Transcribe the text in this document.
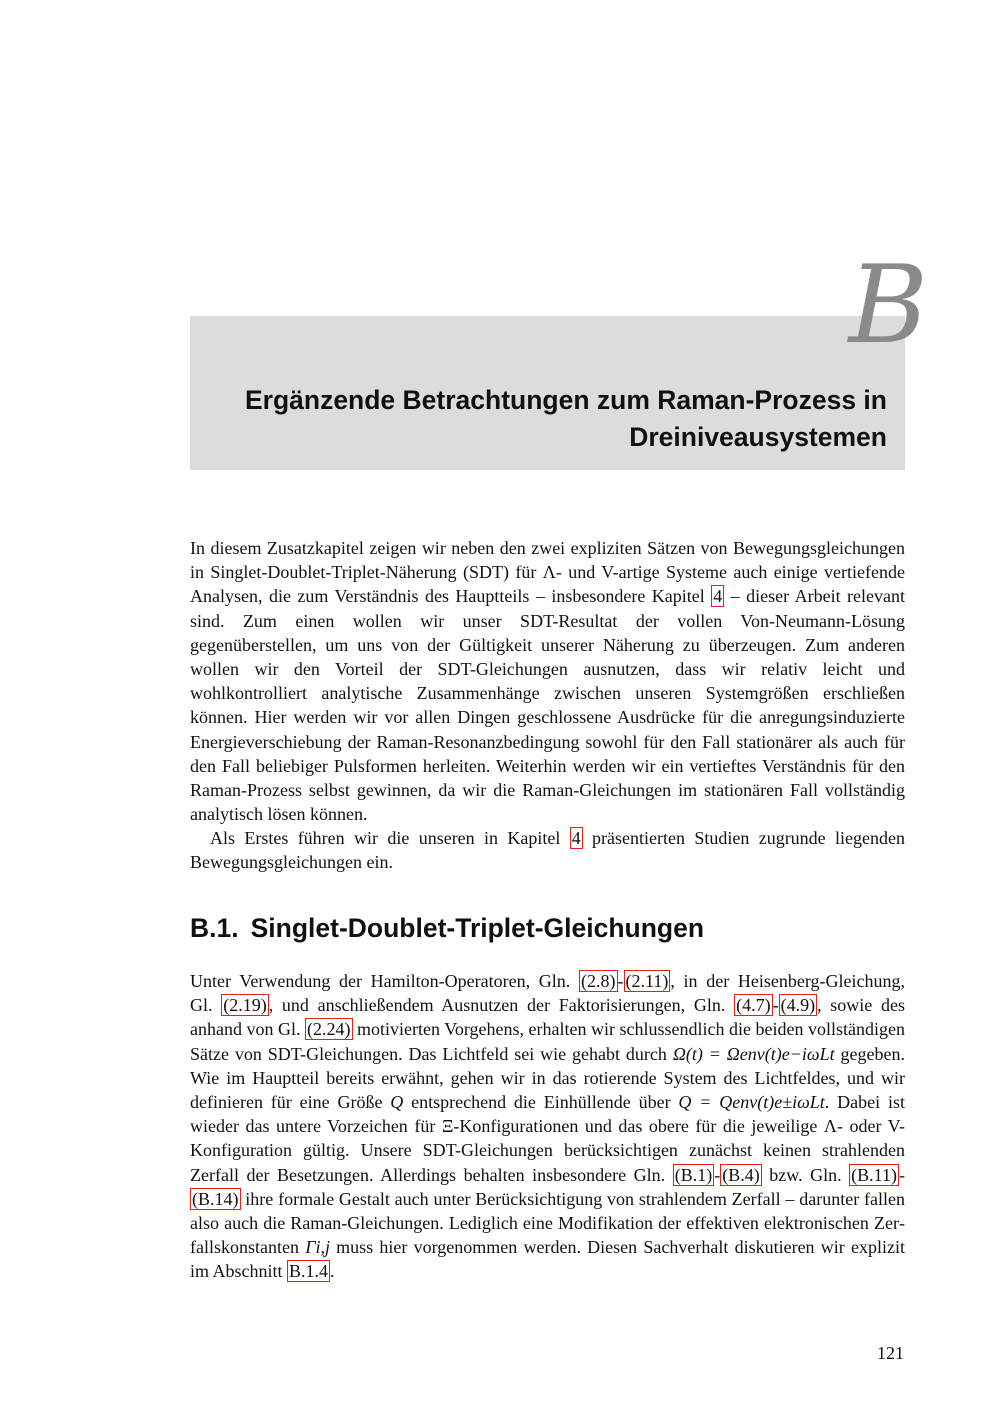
Ergänzende Betrachtungen zum Raman-Prozess in
Dreiniveausystemen
B

In diesem Zusatzkapitel zeigen wir neben den zwei expliziten Sätzen von Bewegungsgleichungen in Singlet-Doublet-Triplet-Näherung (SDT) für Λ- und V-artige Systeme auch einige vertiefende Analysen, die zum Verständnis des Hauptteils – insbesondere Kapitel 4 – dieser Arbeit relevant sind. Zum einen wollen wir unser SDT-Resultat der vollen Von-Neumann-Lösung gegenüberstellen, um uns von der Gültigkeit unserer Näherung zu überzeugen. Zum anderen wollen wir den Vorteil der SDT-Gleichungen ausnutzen, dass wir relativ leicht und wohlkontrolliert analytische Zusammenhänge zwischen unseren Systemgrößen erschließen können. Hier werden wir vor allen Dingen geschlossene Ausdrücke für die anregungsinduzierte Energieverschiebung der Raman-Resonanzbedingung sowohl für den Fall stationärer als auch für den Fall beliebiger Pulsformen herleiten. Weiterhin werden wir ein vertieftes Verständnis für den Raman-Prozess selbst gewinnen, da wir die Raman-Gleichungen im stationären Fall vollständig analytisch lösen können.

Als Erstes führen wir die unseren in Kapitel 4 präsentierten Studien zugrunde liegenden Bewegungsgleichungen ein.

B.1. Singlet-Doublet-Triplet-Gleichungen

Unter Verwendung der Hamilton-Operatoren, Gln. (2.8) - (2.11) , in der Heisenberg-Gleichung, Gl. (2.19) , und anschließendem Ausnutzen der Faktorisierungen, Gln. (4.7) - (4.9) , sowie des anhand von Gl. (2.24) motivierten Vorgehens, erhalten wir schlussendlich die beiden vollständigen Sätze von SDT-Gleichungen. Das Lichtfeld sei wie gehabt durch Ω(t) = Ωenv(t)e−iωLt gegeben. Wie im Hauptteil bereits erwähnt, gehen wir in das rotierende System des Lichtfeldes, und wir definieren für eine Größe Q entsprechend die Einhüllende über Q = Qenv(t)e±iωLt. Dabei ist wieder das untere Vorzeichen für Ξ-Konfigurationen und das obere für die jeweilige Λ- oder V-Konfiguration gültig. Unsere SDT-Gleichungen berücksichtigen zunächst keinen strahlenden Zerfall der Besetzungen. Allerdings behalten insbesondere Gln. (B.1) - (B.4) bzw. Gln. (B.11) -(B.14) ihre formale Gestalt auch unter Berücksichtigung von strahlendem Zerfall – darunter fallen also auch die Raman-Gleichungen. Lediglich eine Modifikation der effektiven elektronischen Zerfallskonstanten Γi,j muss hier vorgenommen werden. Diesen Sachverhalt diskutieren wir explizit im Abschnitt B.1.4 .

121
